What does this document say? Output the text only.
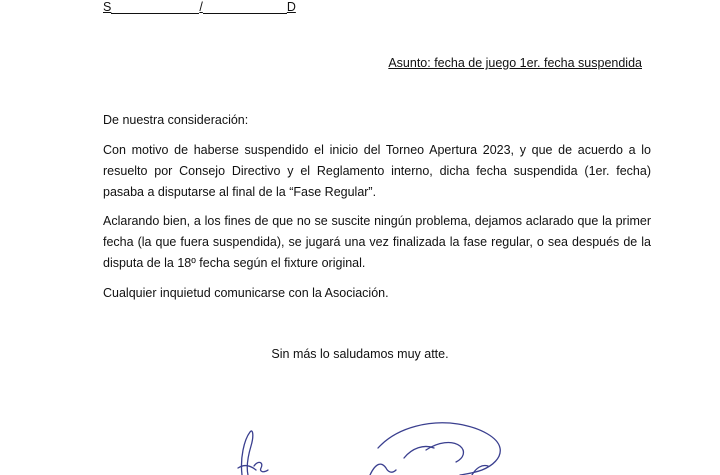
S	/	D
Asunto: fecha de juego 1er. fecha suspendida

De nuestra consideración:

Con motivo de haberse suspendido el inicio del Torneo Apertura 2023, y que de acuerdo a lo resuelto por Consejo Directivo y el Reglamento interno, dicha fecha suspendida (1er. fecha) pasaba a disputarse al final de la “Fase Regular”.

Aclarando bien, a los fines de que no se suscite ningún problema, dejamos aclarado que la primer fecha (la que fuera suspendida), se jugará una vez finalizada la fase regular, o sea después de la disputa de la 18º fecha según el fixture original.

Cualquier inquietud comunicarse con la Asociación.

Sin más lo saludamos muy atte.
